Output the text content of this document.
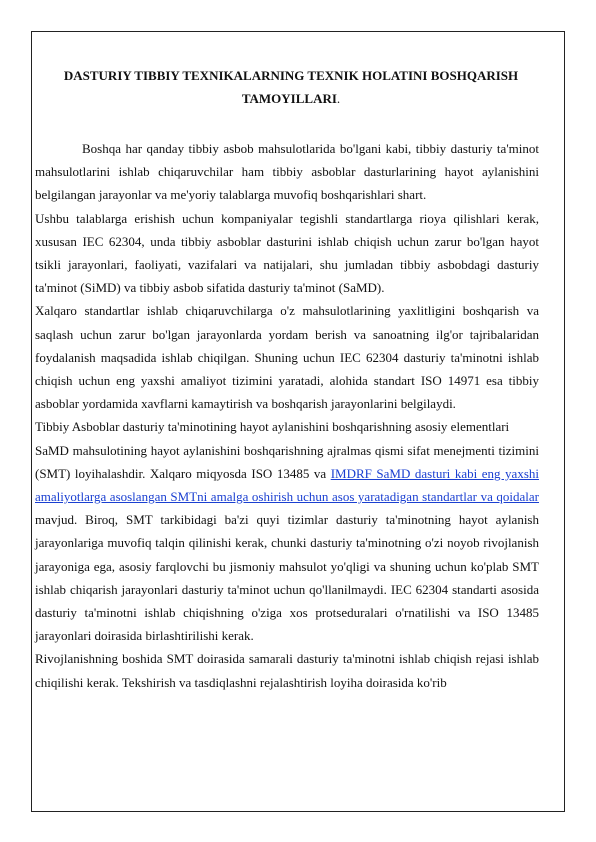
DASTURIY TIBBIY TEXNIKALARNING TEXNIK HOLATINI BOSHQARISH
TAMOYILLARI.

Boshqa har qanday tibbiy asbob mahsulotlarida bo'lgani kabi, tibbiy dasturiy ta'minot mahsulotlarini ishlab chiqaruvchilar ham tibbiy asboblar dasturlarining hayot aylanishini belgilangan jarayonlar va me'yoriy talablarga muvofiq boshqarishlari shart.

Ushbu talablarga erishish uchun kompaniyalar tegishli standartlarga rioya qilishlari kerak, xususan IEC 62304, unda tibbiy asboblar dasturini ishlab chiqish uchun zarur bo'lgan hayot tsikli jarayonlari, faoliyati, vazifalari va natijalari, shu jumladan tibbiy asbobdagi dasturiy ta'minot (SiMD) va tibbiy asbob sifatida dasturiy ta'minot (SaMD).

Xalqaro standartlar ishlab chiqaruvchilarga o'z mahsulotlarining yaxlitligini boshqarish va saqlash uchun zarur bo'lgan jarayonlarda yordam berish va sanoatning ilg'or tajribalaridan foydalanish maqsadida ishlab chiqilgan. Shuning uchun IEC 62304 dasturiy ta'minotni ishlab chiqish uchun eng yaxshi amaliyot tizimini yaratadi, alohida standart ISO 14971 esa tibbiy asboblar yordamida xavflarni kamaytirish va boshqarish jarayonlarini belgilaydi.

Tibbiy Asboblar dasturiy ta'minotining hayot aylanishini boshqarishning asosiy elementlari

SaMD mahsulotining hayot aylanishini boshqarishning ajralmas qismi sifat menejmenti tizimini (SMT) loyihalashdir. Xalqaro miqyosda ISO 13485 va IMDRF SaMD dasturi kabi eng yaxshi amaliyotlarga asoslangan SMTni amalga oshirish uchun asos yaratadigan standartlar va qoidalar mavjud. Biroq, SMT tarkibidagi ba'zi quyi tizimlar dasturiy ta'minotning hayot aylanish jarayonlariga muvofiq talqin qilinishi kerak, chunki dasturiy ta'minotning o'zi noyob rivojlanish jarayoniga ega, asosiy farqlovchi bu jismoniy mahsulot yo'qligi va shuning uchun ko'plab SMT ishlab chiqarish jarayonlari dasturiy ta'minot uchun qo'llanilmaydi. IEC 62304 standarti asosida dasturiy ta'minotni ishlab chiqishning o'ziga xos protseduralari o'rnatilishi va ISO 13485 jarayonlari doirasida birlashtirilishi kerak.

Rivojlanishning boshida SMT doirasida samarali dasturiy ta'minotni ishlab chiqish rejasi ishlab chiqilishi kerak. Tekshirish va tasdiqlashni rejalashtirish loyiha doirasida ko'rib
